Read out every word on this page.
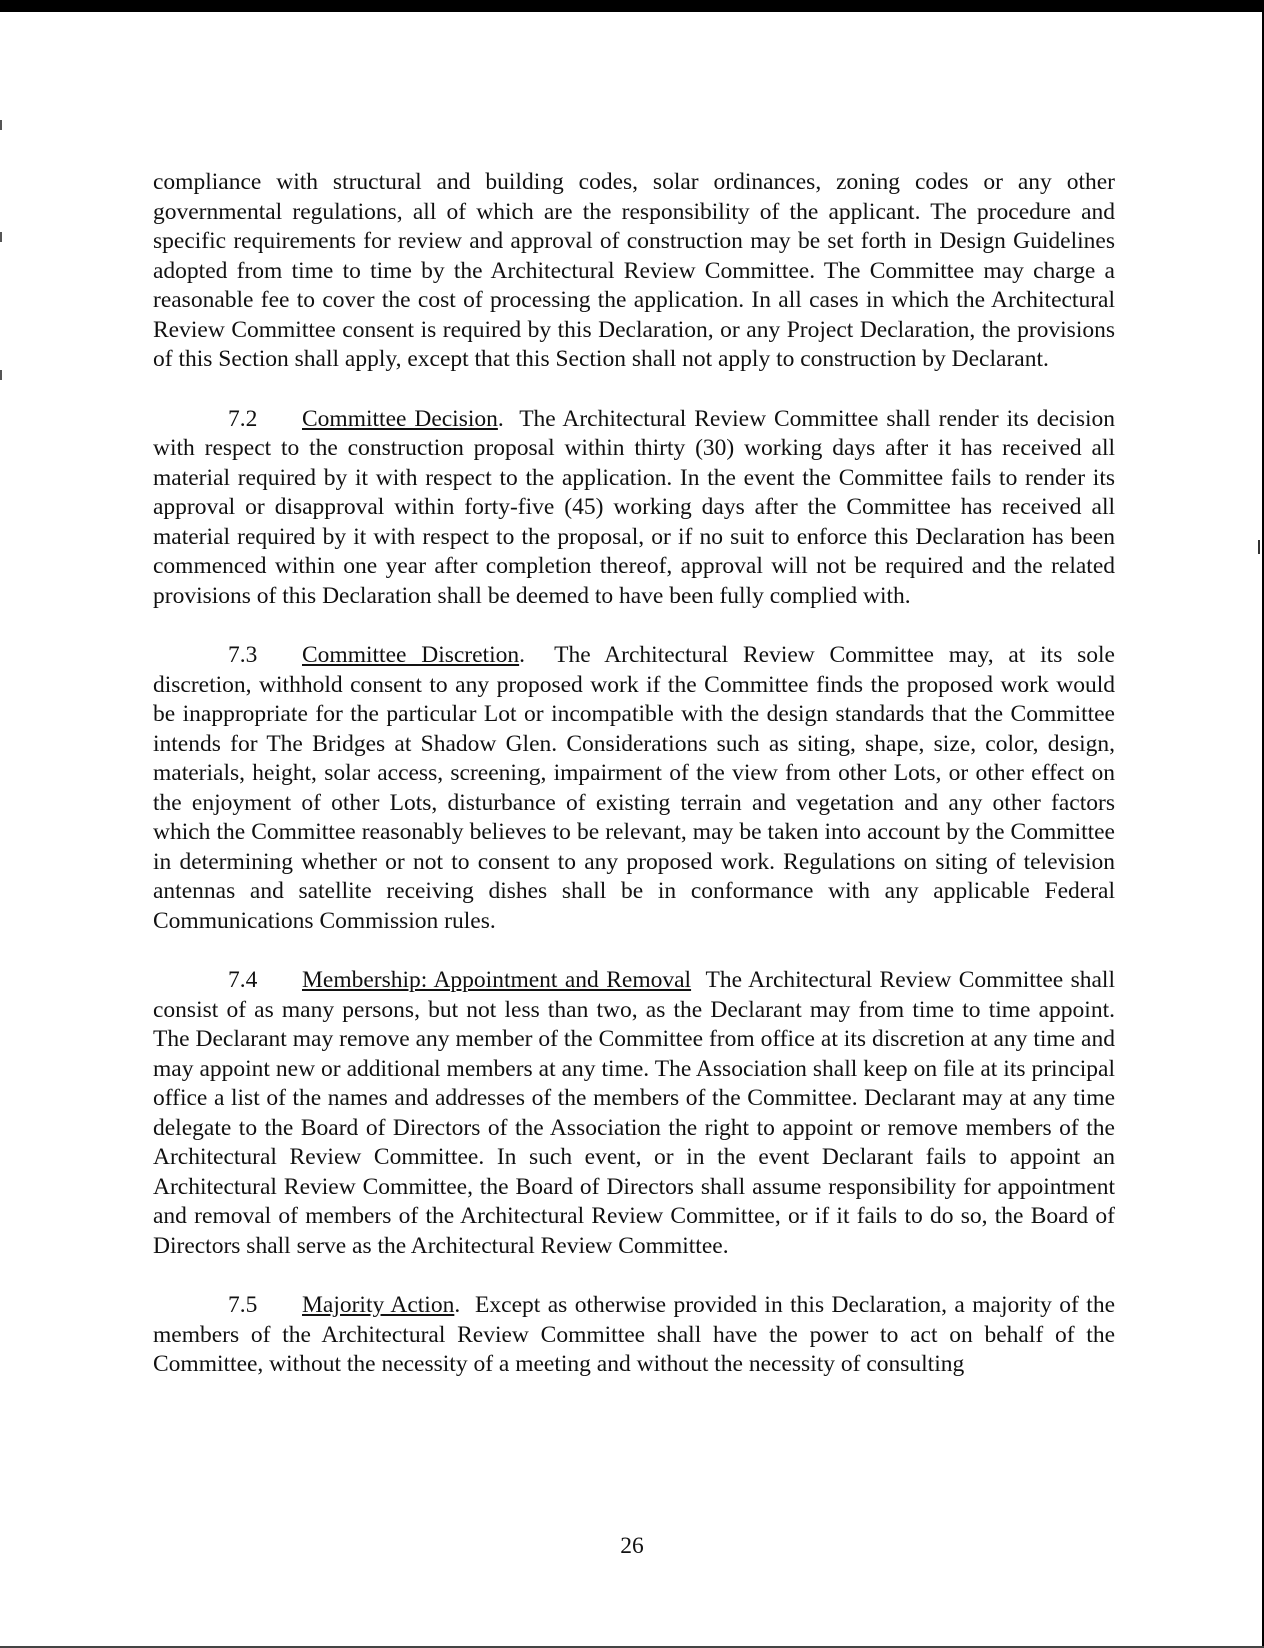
compliance with structural and building codes, solar ordinances, zoning codes or any other governmental regulations, all of which are the responsibility of the applicant. The procedure and specific requirements for review and approval of construction may be set forth in Design Guidelines adopted from time to time by the Architectural Review Committee. The Committee may charge a reasonable fee to cover the cost of processing the application. In all cases in which the Architectural Review Committee consent is required by this Declaration, or any Project Declaration, the provisions of this Section shall apply, except that this Section shall not apply to construction by Declarant.

7.2 Committee Decision. The Architectural Review Committee shall render its decision with respect to the construction proposal within thirty (30) working days after it has received all material required by it with respect to the application. In the event the Committee fails to render its approval or disapproval within forty-five (45) working days after the Committee has received all material required by it with respect to the proposal, or if no suit to enforce this Declaration has been commenced within one year after completion thereof, approval will not be required and the related provisions of this Declaration shall be deemed to have been fully complied with.

7.3 Committee Discretion. The Architectural Review Committee may, at its sole discretion, withhold consent to any proposed work if the Committee finds the proposed work would be inappropriate for the particular Lot or incompatible with the design standards that the Committee intends for The Bridges at Shadow Glen. Considerations such as siting, shape, size, color, design, materials, height, solar access, screening, impairment of the view from other Lots, or other effect on the enjoyment of other Lots, disturbance of existing terrain and vegetation and any other factors which the Committee reasonably believes to be relevant, may be taken into account by the Committee in determining whether or not to consent to any proposed work. Regulations on siting of television antennas and satellite receiving dishes shall be in conformance with any applicable Federal Communications Commission rules.

7.4 Membership: Appointment and Removal The Architectural Review Committee shall consist of as many persons, but not less than two, as the Declarant may from time to time appoint. The Declarant may remove any member of the Committee from office at its discretion at any time and may appoint new or additional members at any time. The Association shall keep on file at its principal office a list of the names and addresses of the members of the Committee. Declarant may at any time delegate to the Board of Directors of the Association the right to appoint or remove members of the Architectural Review Committee. In such event, or in the event Declarant fails to appoint an Architectural Review Committee, the Board of Directors shall assume responsibility for appointment and removal of members of the Architectural Review Committee, or if it fails to do so, the Board of Directors shall serve as the Architectural Review Committee.

7.5 Majority Action. Except as otherwise provided in this Declaration, a majority of the members of the Architectural Review Committee shall have the power to act on behalf of the Committee, without the necessity of a meeting and without the necessity of consulting

26
